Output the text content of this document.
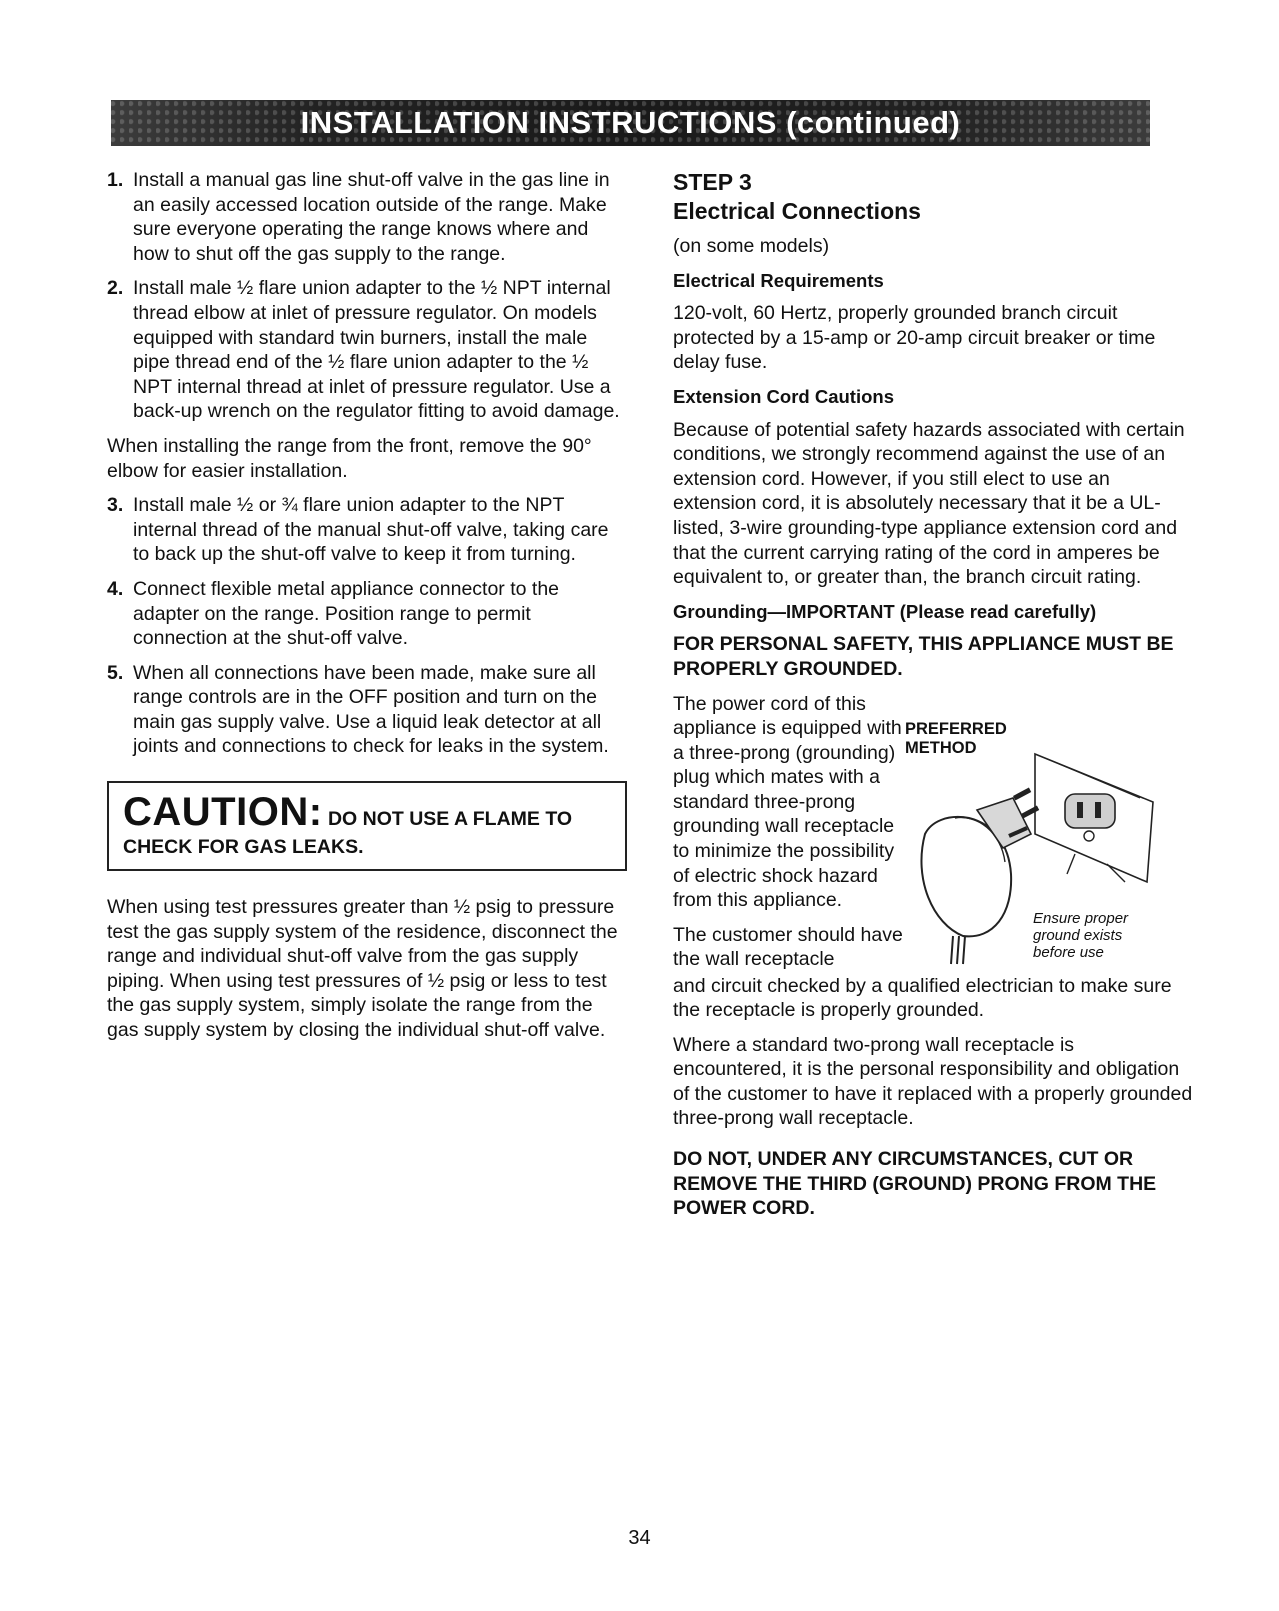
INSTALLATION INSTRUCTIONS (continued)
1. Install a manual gas line shut-off valve in the gas line in an easily accessed location outside of the range. Make sure everyone operating the range knows where and how to shut off the gas supply to the range.
2. Install male ½ flare union adapter to the ½ NPT internal thread elbow at inlet of pressure regulator. On models equipped with standard twin burners, install the male pipe thread end of the ½ flare union adapter to the ½ NPT internal thread at inlet of pressure regulator. Use a back-up wrench on the regulator fitting to avoid damage.

When installing the range from the front, remove the 90° elbow for easier installation.

3. Install male ½ or ¾ flare union adapter to the NPT internal thread of the manual shut-off valve, taking care to back up the shut-off valve to keep it from turning.
4. Connect flexible metal appliance connector to the adapter on the range. Position range to permit connection at the shut-off valve.
5. When all connections have been made, make sure all range controls are in the OFF position and turn on the main gas supply valve. Use a liquid leak detector at all joints and connections to check for leaks in the system.
CAUTION: DO NOT USE A FLAME TO
CHECK FOR GAS LEAKS.

When using test pressures greater than ½ psig to pressure test the gas supply system of the residence, disconnect the range and individual shut-off valve from the gas supply piping. When using test pressures of ½ psig or less to test the gas supply system, simply isolate the range from the gas supply system by closing the individual shut-off valve.

STEP 3
Electrical Connections

(on some models)

Electrical Requirements

120-volt, 60 Hertz, properly grounded branch circuit protected by a 15-amp or 20-amp circuit breaker or time delay fuse.

Extension Cord Cautions

Because of potential safety hazards associated with certain conditions, we strongly recommend against the use of an extension cord. However, if you still elect to use an extension cord, it is absolutely necessary that it be a UL-listed, 3-wire grounding-type appliance extension cord and that the current carrying rating of the cord in amperes be equivalent to, or greater than, the branch circuit rating.

Grounding—IMPORTANT (Please read carefully)

FOR PERSONAL SAFETY, THIS APPLIANCE MUST BE PROPERLY GROUNDED.

The power cord of this appliance is equipped with a three-prong (grounding) plug which mates with a standard three-prong grounding wall receptacle to minimize the possibility of electric shock hazard from this appliance.

The customer should have the wall receptacle

PREFERRED METHOD
Ensure proper ground exists before use

and circuit checked by a qualified electrician to make sure the receptacle is properly grounded.

Where a standard two-prong wall receptacle is encountered, it is the personal responsibility and obligation of the customer to have it replaced with a properly grounded three-prong wall receptacle.

DO NOT, UNDER ANY CIRCUMSTANCES, CUT OR REMOVE THE THIRD (GROUND) PRONG FROM THE POWER CORD.

34
